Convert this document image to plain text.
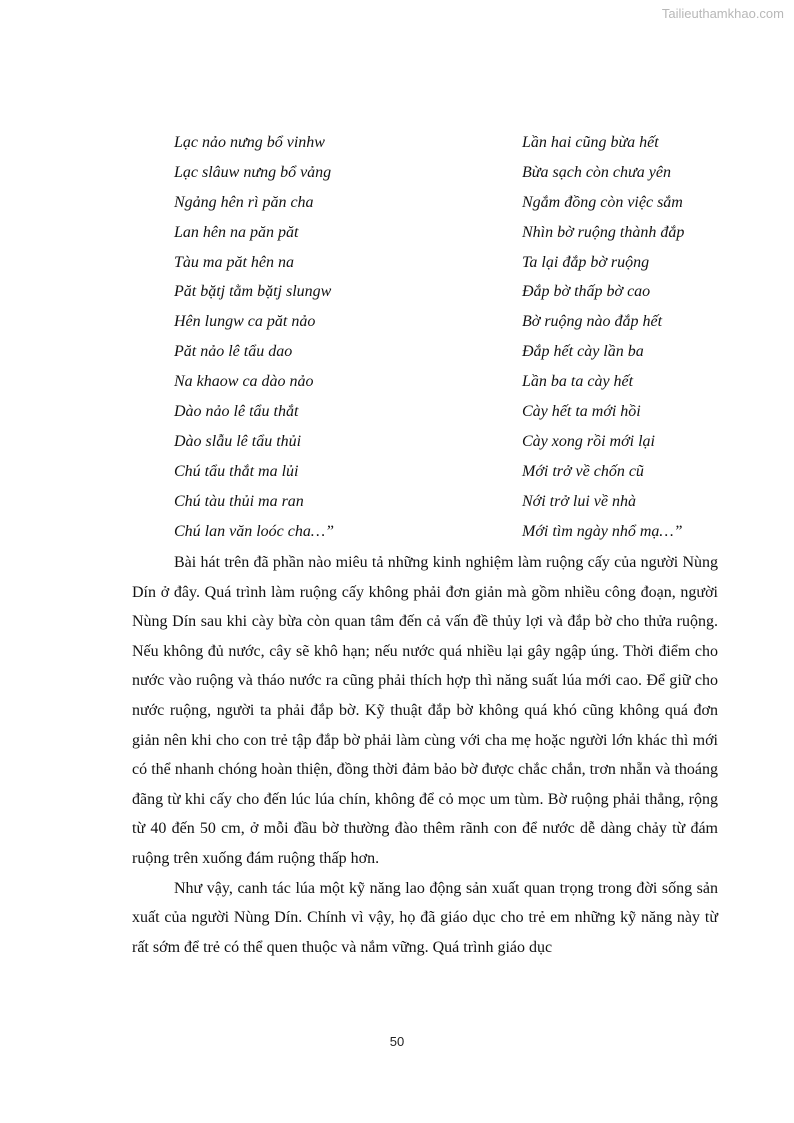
Tailieuthamkhao.com
Lạc nảo nưng bổ vinhw	Lần hai cũng bừa hết
Lạc slâuw nưng bổ vảng	Bừa sạch còn chưa yên
Ngảng hên rì păn cha	Ngắm đồng còn việc sắm
Lan hên na păn păt	Nhìn bờ ruộng thành đắp
Tàu ma păt hên na	Ta lại đắp bờ ruộng
Păt bặtj tằm bặtj slungw	Đắp bờ thấp bờ cao
Hên lungw ca păt nảo	Bờ ruộng nào đắp hết
Păt nảo lê tẩu dao	Đắp hết cày lần ba
Na khaow ca dào nảo	Lần ba ta cày hết
Dào nảo lê tẩu thắt	Cày hết ta mới hồi
Dào slẫu lê tẩu thủi	Cày xong rồi mới lại
Chú tẩu thắt ma lủi	Mới trở về chốn cũ
Chú tàu thủi ma ran	Nới trở lui về nhà
Chú lan văn loóc cha…”	Mới tìm ngày nhổ mạ…”

Bài hát trên đã phần nào miêu tả những kinh nghiệm làm ruộng cấy của người Nùng Dín ở đây. Quá trình làm ruộng cấy không phải đơn giản mà gồm nhiều công đoạn, người Nùng Dín sau khi cày bừa còn quan tâm đến cả vấn đề thủy lợi và đắp bờ cho thửa ruộng. Nếu không đủ nước, cây sẽ khô hạn; nếu nước quá nhiều lại gây ngập úng. Thời điểm cho nước vào ruộng và tháo nước ra cũng phải thích hợp thì năng suất lúa mới cao. Để giữ cho nước ruộng, người ta phải đắp bờ. Kỹ thuật đắp bờ không quá khó cũng không quá đơn giản nên khi cho con trẻ tập đắp bờ phải làm cùng với cha mẹ hoặc người lớn khác thì mới có thể nhanh chóng hoàn thiện, đồng thời đảm bảo bờ được chắc chắn, trơn nhẵn và thoáng đãng từ khi cấy cho đến lúc lúa chín, không để cỏ mọc um tùm. Bờ ruộng phải thẳng, rộng từ 40 đến 50 cm, ở mỗi đầu bờ thường đào thêm rãnh con để nước dễ dàng chảy từ đám ruộng trên xuống đám ruộng thấp hơn.

Như vậy, canh tác lúa một kỹ năng lao động sản xuất quan trọng trong đời sống sản xuất của người Nùng Dín. Chính vì vậy, họ đã giáo dục cho trẻ em những kỹ năng này từ rất sớm để trẻ có thể quen thuộc và nắm vững. Quá trình giáo dục

50
